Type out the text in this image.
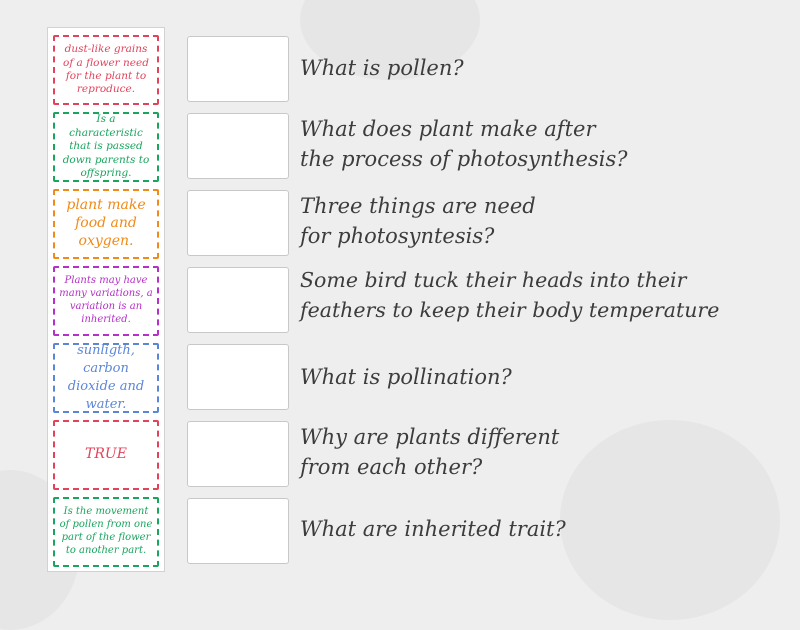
dust-like grains of a flower need for the plant to reproduce.
Is a characteristic that is passed down parents to offspring.
plant make food and oxygen.
Plants may have many variations, a variation is an inherited.
sunligth, carbon dioxide and water.
TRUE
Is the movement of pollen from one part of the flower to another part.
What is pollen?
What does plant make after
the process of photosynthesis?
Three things are need
for photosyntesis?
Some bird tuck their heads into their
feathers to keep their body temperature
What is pollination?
Why are plants different
from each other?
What are inherited trait?
